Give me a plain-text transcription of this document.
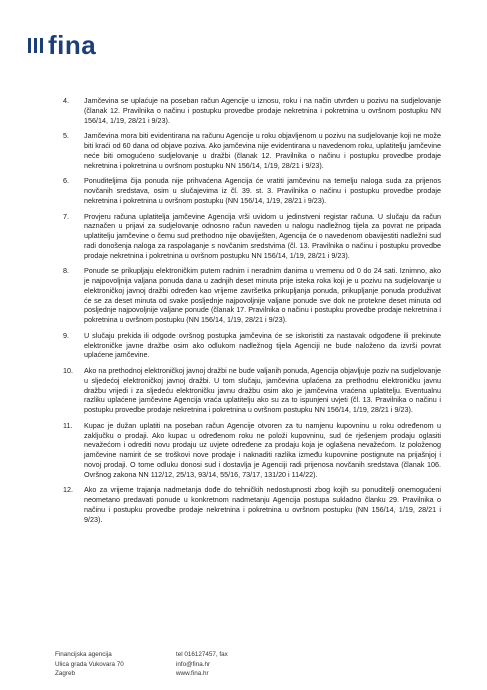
fina
4.	Jamčevina se uplaćuje na poseban račun Agencije u iznosu, roku i na način utvrđen u pozivu na sudjelovanje (članak 12. Pravilnika o načinu i postupku provedbe prodaje nekretnina i pokretnina u ovršnom postupku NN 156/14, 1/19, 28/21 i 9/23).
5.	Jamčevina mora biti evidentirana na računu Agencije u roku objavljenom u pozivu na sudjelovanje koji ne može biti kraći od 60 dana od objave poziva. Ako jamčevina nije evidentirana u navedenom roku, uplatitelju jamčevine neće biti omogućeno sudjelovanje u dražbi (članak 12. Pravilnika o načinu i postupku provedbe prodaje nekretnina i pokretnina u ovršnom postupku NN 156/14, 1/19, 28/21 i 9/23).
6.	Ponuditeljima čija ponuda nije prihvaćena Agencija će vratiti jamčevinu na temelju naloga suda za prijenos novčanih sredstava, osim u slučajevima iz čl. 39. st. 3. Pravilnika o načinu i postupku provedbe prodaje nekretnina i pokretnina u ovršnom postupku (NN 156/14, 1/19, 28/21 i 9/23).
7.	Provjeru računa uplatitelja jamčevine Agencija vrši uvidom u jedinstveni registar računa. U slučaju da račun naznačen u prijavi za sudjelovanje odnosno račun naveden u nalogu nadležnog tijela za povrat ne pripada uplatitelju jamčevine o čemu sud prethodno nije obaviješten, Agencija će o navedenom obavijestiti nadležni sud radi donošenja naloga za raspolaganje s novčanim sredstvima (čl. 13. Pravilnika o načinu i postupku provedbe prodaje nekretnina i pokretnina u ovršnom postupku NN 156/14, 1/19, 28/21 i 9/23).
8.	Ponude se prikupljaju elektroničkim putem radnim i neradnim danima u vremenu od 0 do 24 sati. Iznimno, ako je najpovoljnija valjana ponuda dana u zadnjih deset minuta prije isteka roka koji je u pozivu na sudjelovanje u elektroničkoj javnoj dražbi određen kao vrijeme završetka prikupljanja ponuda, prikupljanje ponuda produživat će se za deset minuta od svake posljednje najpovoljnije valjane ponude sve dok ne protekne deset minuta od posljednje najpovoljnije valjane ponude (članak 17. Pravilnika o načinu i postupku provedbe prodaje nekretnina i pokretnina u ovršnom postupku (NN 156/14, 1/19, 28/21 i 9/23).
9.	U slučaju prekida ili odgode ovršnog postupka jamčevina će se iskoristiti za nastavak odgođene ili prekinute elektroničke javne dražbe osim ako odlukom nadležnog tijela Agenciji ne bude naloženo da izvrši povrat uplaćene jamčevine.
10.	Ako na prethodnoj elektroničkoj javnoj dražbi ne bude valjanih ponuda, Agencija objavljuje poziv na sudjelovanje u sljedećoj elektroničkoj javnoj dražbi. U tom slučaju, jamčevina uplaćena za prethodnu elektroničku javnu dražbu vrijedi i za sljedeću elektroničku javnu dražbu osim ako je jamčevina vraćena uplatitelju. Eventualnu razliku uplaćene jamčevine Agencija vraća uplatitelju ako su za to ispunjeni uvjeti (čl. 13. Pravilnika o načinu i postupku provedbe prodaje nekretnina i pokretnina u ovršnom postupku NN 156/14, 1/19, 28/21 i 9/23).
11.	Kupac je dužan uplatiti na poseban račun Agencije otvoren za tu namjenu kupovninu u roku određenom u zaključku o prodaji. Ako kupac u određenom roku ne položi kupovninu, sud će rješenjem prodaju oglasiti nevažećom i odrediti novu prodaju uz uvjete određene za prodaju koja je oglašena nevažećom. Iz položenog jamčevine namirit će se troškovi nove prodaje i naknaditi razlika između kupovnine postignute na prijašnjoj i novoj prodaji. O tome odluku donosi sud i dostavlja je Agenciji radi prijenosa novčanih sredstava (članak 106. Ovršnog zakona NN 112/12, 25/13, 93/14, 55/16, 73/17, 131/20 i 114/22).
12.	Ako za vrijeme trajanja nadmetanja dođe do tehničkih nedostupnosti zbog kojih su ponuditelji onemogućeni neometano predavati ponude u konkretnom nadmetanju Agencija postupa sukladno članku 29. Pravilnika o načinu i postupku provedbe prodaje nekretnina i pokretnina u ovršnom postupku (NN 156/14, 1/19, 28/21 i 9/23).
Financijska agencija
Ulica grada Vukovara 70
Zagreb
tel 016127457, fax
info@fina.hr
www.fina.hr
